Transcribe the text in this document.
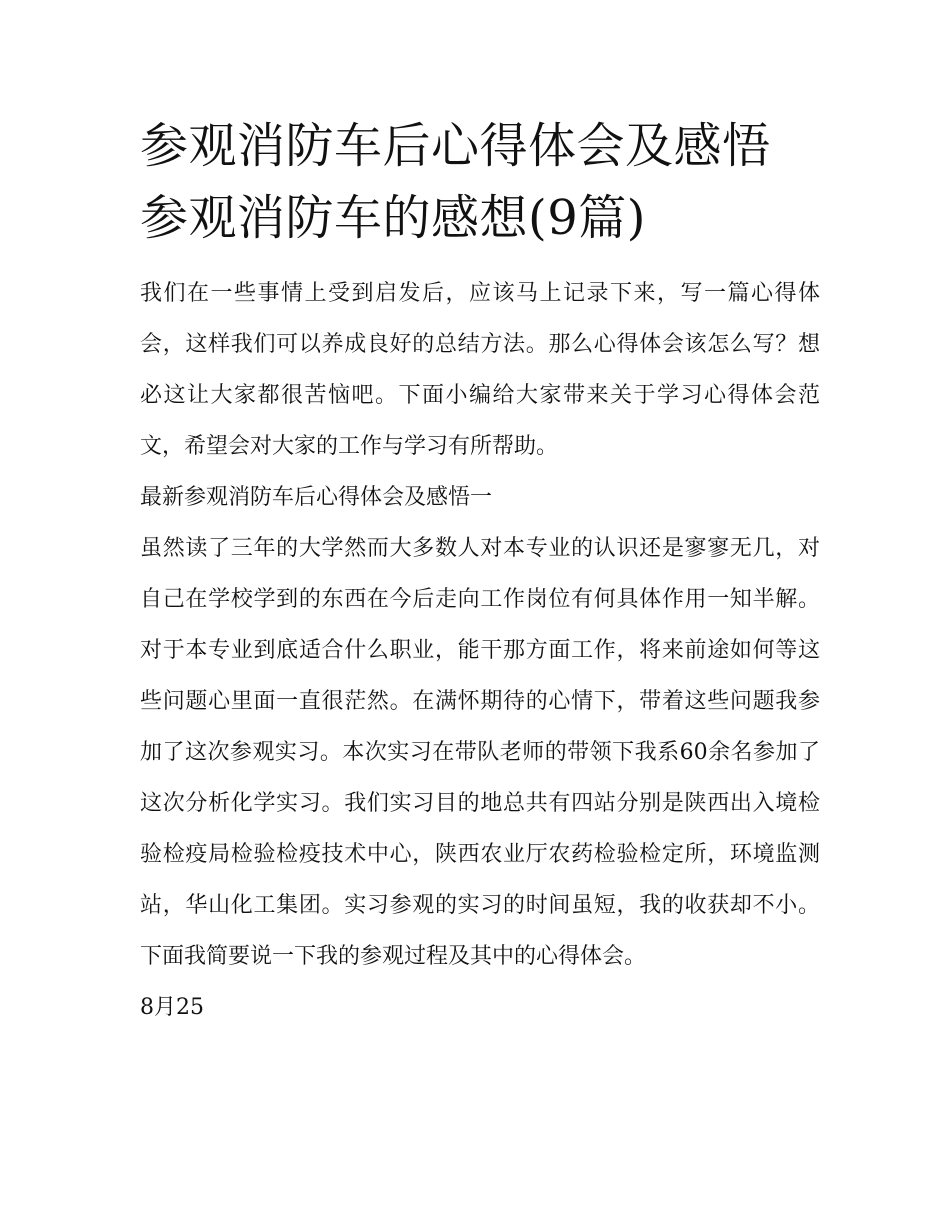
参观消防车后心得体会及感悟
参观消防车的感想(9篇)

我们在一些事情上受到启发后，应该马上记录下来，写一篇心得体会，这样我们可以养成良好的总结方法。那么心得体会该怎么写？想必这让大家都很苦恼吧。下面小编给大家带来关于学习心得体会范文，希望会对大家的工作与学习有所帮助。

最新参观消防车后心得体会及感悟一

虽然读了三年的大学然而大多数人对本专业的认识还是寥寥无几，对自己在学校学到的东西在今后走向工作岗位有何具体作用一知半解。对于本专业到底适合什么职业，能干那方面工作，将来前途如何等这些问题心里面一直很茫然。在满怀期待的心情下，带着这些问题我参加了这次参观实习。本次实习在带队老师的带领下我系60余名参加了这次分析化学实习。我们实习目的地总共有四站分别是陕西出入境检验检疫局检验检疫技术中心，陕西农业厅农药检验检定所，环境监测站，华山化工集团。实习参观的实习的时间虽短，我的收获却不小。下面我简要说一下我的参观过程及其中的心得体会。

8月25
